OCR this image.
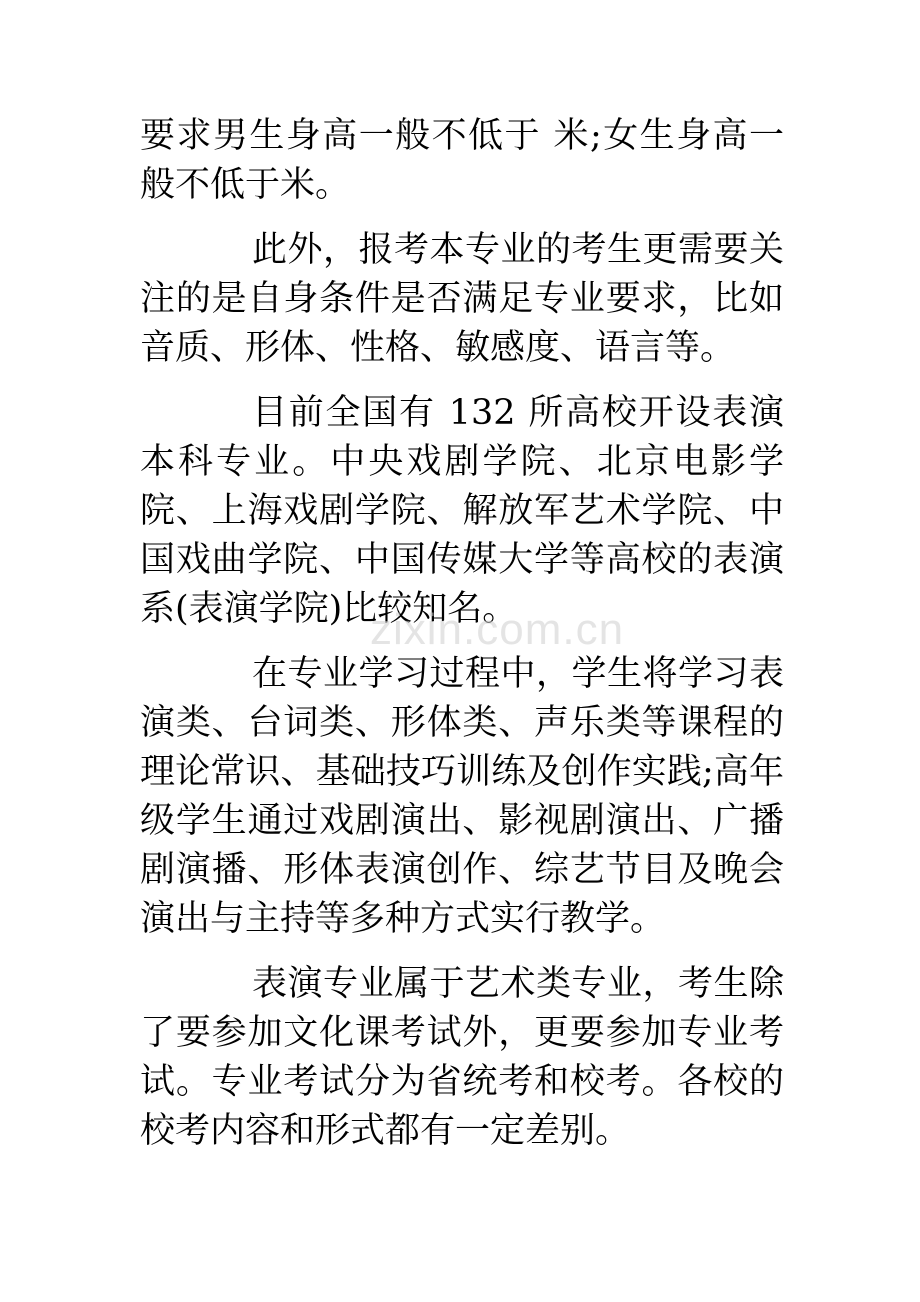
要求男生身高一般不低于 米;女生身高一般不低于米。

此外，报考本专业的考生更需要关注的是自身条件是否满足专业要求，比如音质、形体、性格、敏感度、语言等。

目前全国有 132 所高校开设表演本科专业。中央戏剧学院、北京电影学院、上海戏剧学院、解放军艺术学院、中国戏曲学院、中国传媒大学等高校的表演系(表演学院)比较知名。

在专业学习过程中，学生将学习表演类、台词类、形体类、声乐类等课程的理论常识、基础技巧训练及创作实践;高年级学生通过戏剧演出、影视剧演出、广播剧演播、形体表演创作、综艺节目及晚会演出与主持等多种方式实行教学。

表演专业属于艺术类专业，考生除了要参加文化课考试外，更要参加专业考试。专业考试分为省统考和校考。各校的校考内容和形式都有一定差别。

zixin.com.cn
